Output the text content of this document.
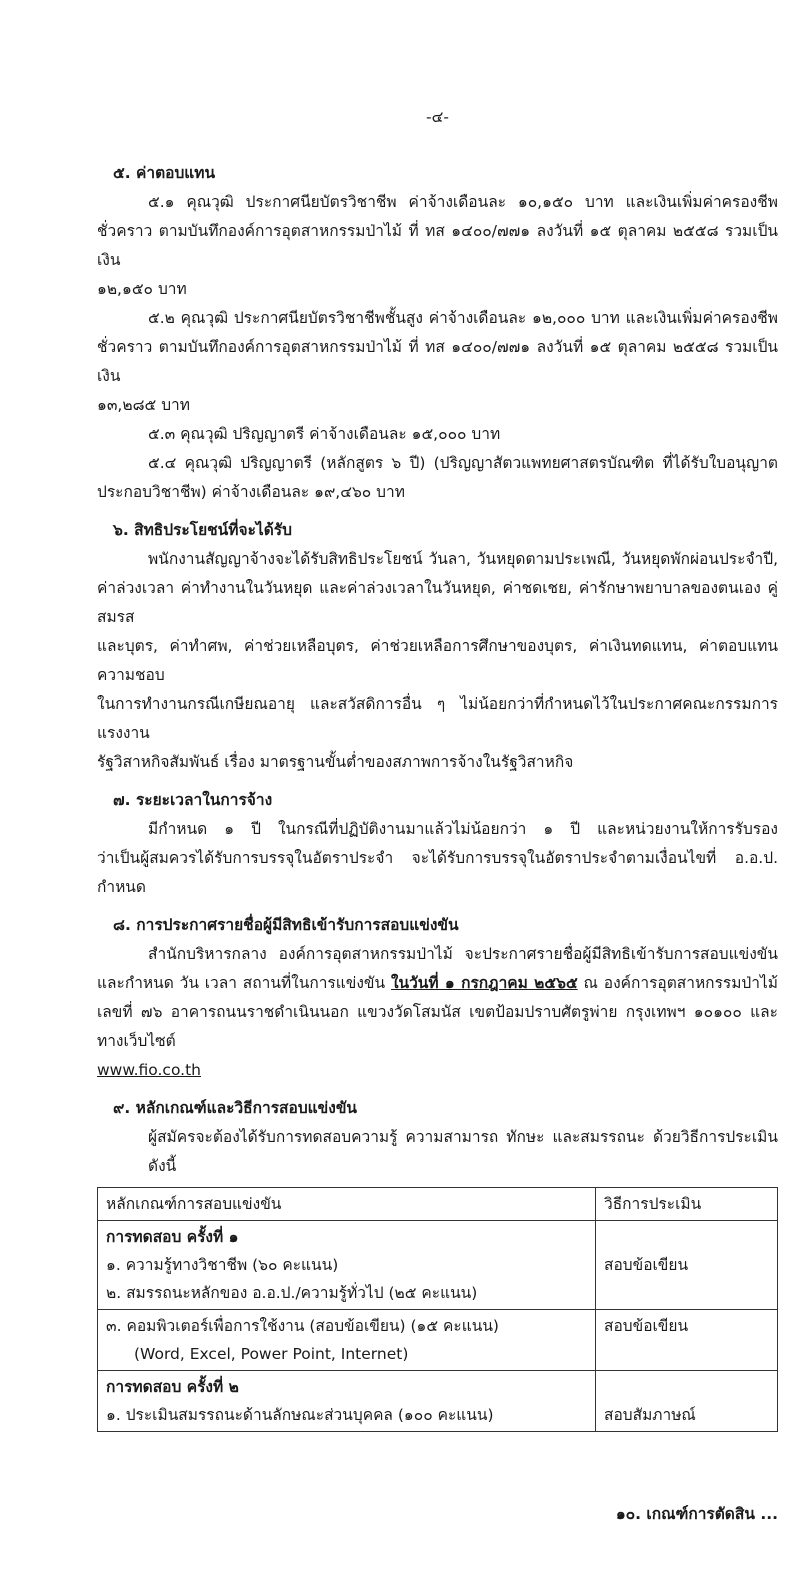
-๔-
๕. ค่าตอบแทน
๕.๑ คุณวุฒิ ประกาศนียบัตรวิชาชีพ ค่าจ้างเดือนละ ๑๐,๑๕๐ บาท และเงินเพิ่มค่าครองชีพ
ชั่วคราว ตามบันทึกองค์การอุตสาหกรรมป่าไม้ ที่ ทส ๑๔๐๐/๗๗๑ ลงวันที่ ๑๕ ตุลาคม ๒๕๕๘ รวมเป็นเงิน
๑๒,๑๕๐ บาท
๕.๒ คุณวุฒิ ประกาศนียบัตรวิชาชีพชั้นสูง ค่าจ้างเดือนละ ๑๒,๐๐๐ บาท และเงินเพิ่มค่าครองชีพ
ชั่วคราว ตามบันทึกองค์การอุตสาหกรรมป่าไม้ ที่ ทส ๑๔๐๐/๗๗๑ ลงวันที่ ๑๕ ตุลาคม ๒๕๕๘ รวมเป็นเงิน
๑๓,๒๘๕ บาท
๕.๓ คุณวุฒิ ปริญญาตรี ค่าจ้างเดือนละ ๑๕,๐๐๐ บาท
๕.๔ คุณวุฒิ ปริญญาตรี (หลักสูตร ๖ ปี) (ปริญญาสัตวแพทยศาสตรบัณฑิต ที่ได้รับใบอนุญาต
ประกอบวิชาชีพ) ค่าจ้างเดือนละ ๑๙,๔๖๐ บาท
๖. สิทธิประโยชน์ที่จะได้รับ
พนักงานสัญญาจ้างจะได้รับสิทธิประโยชน์ วันลา, วันหยุดตามประเพณี, วันหยุดพักผ่อนประจำปี,
ค่าล่วงเวลา ค่าทำงานในวันหยุด และค่าล่วงเวลาในวันหยุด, ค่าชดเชย, ค่ารักษาพยาบาลของตนเอง คู่สมรส
และบุตร, ค่าทำศพ, ค่าช่วยเหลือบุตร, ค่าช่วยเหลือการศึกษาของบุตร, ค่าเงินทดแทน, ค่าตอบแทนความชอบ
ในการทำงานกรณีเกษียณอายุ และสวัสดิการอื่น ๆ ไม่น้อยกว่าที่กำหนดไว้ในประกาศคณะกรรมการแรงงาน
รัฐวิสาหกิจสัมพันธ์ เรื่อง มาตรฐานขั้นต่ำของสภาพการจ้างในรัฐวิสาหกิจ
๗. ระยะเวลาในการจ้าง
มีกำหนด ๑ ปี ในกรณีที่ปฏิบัติงานมาแล้วไม่น้อยกว่า ๑ ปี และหน่วยงานให้การรับรอง
ว่าเป็นผู้สมควรได้รับการบรรจุในอัตราประจำ จะได้รับการบรรจุในอัตราประจำตามเงื่อนไขที่ อ.อ.ป. กำหนด
๘. การประกาศรายชื่อผู้มีสิทธิเข้ารับการสอบแข่งขัน
สำนักบริหารกลาง องค์การอุตสาหกรรมป่าไม้ จะประกาศรายชื่อผู้มีสิทธิเข้ารับการสอบแข่งขัน
และกำหนด วัน เวลา สถานที่ในการแข่งขัน ในวันที่ ๑ กรกฎาคม ๒๕๖๕ ณ องค์การอุตสาหกรรมป่าไม้
เลขที่ ๗๖ อาคารถนนราชดำเนินนอก แขวงวัดโสมนัส เขตป้อมปราบศัตรูพ่าย กรุงเทพฯ ๑๐๑๐๐ และทางเว็บไซต์
www.fio.co.th
๙. หลักเกณฑ์และวิธีการสอบแข่งขัน
ผู้สมัครจะต้องได้รับการทดสอบความรู้ ความสามารถ ทักษะ และสมรรถนะ ด้วยวิธีการประเมิน ดังนี้
หลักเกณฑ์การสอบแข่งขัน	วิธีการประเมิน

การทดสอบ ครั้งที่ ๑
๑. ความรู้ทางวิชาชีพ (๖๐ คะแนน)
๒. สมรรถนะหลักของ อ.อ.ป./ความรู้ทั่วไป (๒๕ คะแนน)	สอบข้อเขียน

๓. คอมพิวเตอร์เพื่อการใช้งาน (สอบข้อเขียน) (๑๕ คะแนน)
(Word, Excel, Power Point, Internet)	สอบข้อเขียน

การทดสอบ ครั้งที่ ๒
๑. ประเมินสมรรถนะด้านลักษณะส่วนบุคคล (๑๐๐ คะแนน)	สอบสัมภาษณ์
๑๐. เกณฑ์การตัดสิน ...
